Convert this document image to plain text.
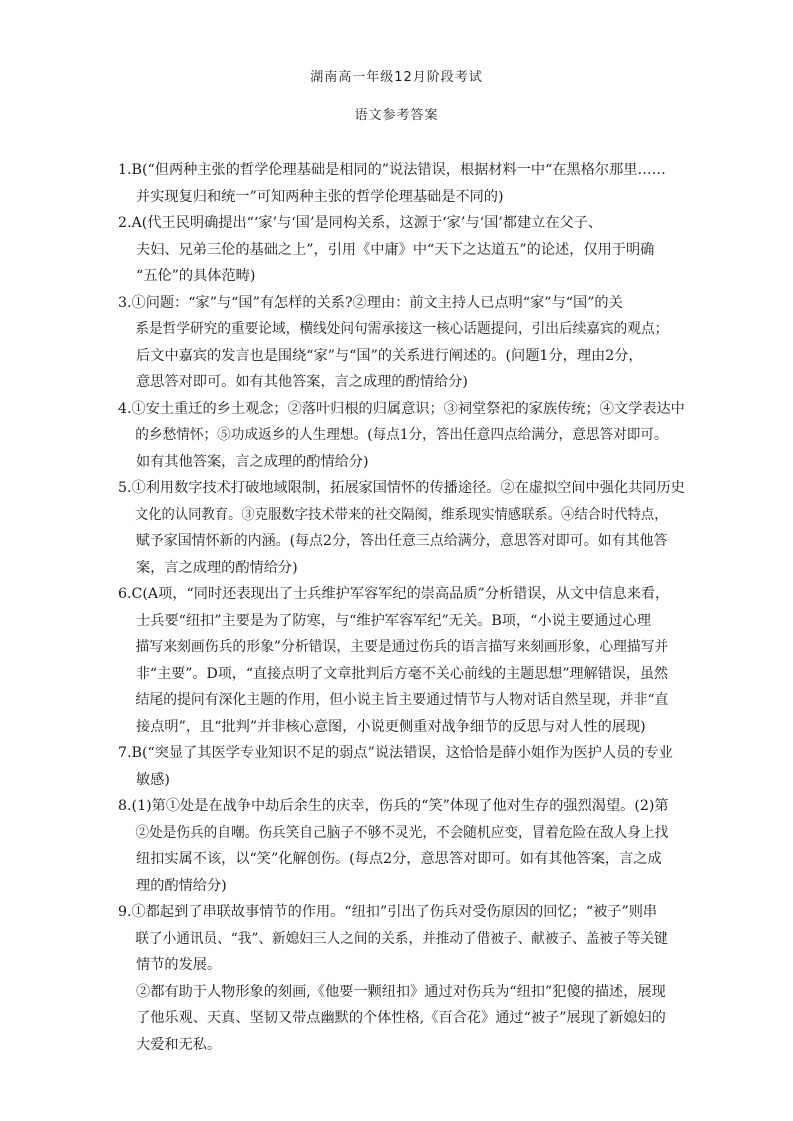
湖南高一年级12月阶段考试
语文参考答案
1.B(“但两种主张的哲学伦理基础是相同的”说法错误，根据材料一中“在黑格尔那里……
并实现复归和统一”可知两种主张的哲学伦理基础是不同的)
2.A(代王民明确提出“‘家’与‘国’是同构关系，这源于‘家’与‘国’都建立在父子、
夫妇、兄弟三伦的基础之上”，引用《中庸》中“天下之达道五”的论述，仅用于明确
“五伦”的具体范畴)
3.①问题：“家”与“国”有怎样的关系?②理由：前文主持人已点明“家”与“国”的关
系是哲学研究的重要论域，横线处问句需承接这一核心话题提问，引出后续嘉宾的观点；
后文中嘉宾的发言也是围绕“家”与“国”的关系进行阐述的。(问题1分，理由2分，
意思答对即可。如有其他答案，言之成理的酌情给分)
4.①安土重迁的乡土观念；②落叶归根的归属意识；③祠堂祭祀的家族传统；④文学表达中
的乡愁情怀；⑤功成返乡的人生理想。(每点1分，答出任意四点给满分，意思答对即可。
如有其他答案，言之成理的酌情给分)
5.①利用数字技术打破地域限制，拓展家国情怀的传播途径。②在虚拟空间中强化共同历史
文化的认同教育。③克服数字技术带来的社交隔阂，维系现实情感联系。④结合时代特点，
赋予家国情怀新的内涵。(每点2分，答出任意三点给满分，意思答对即可。如有其他答
案，言之成理的酌情给分)
6.C(A项，“同时还表现出了士兵维护军容军纪的崇高品质”分析错误，从文中信息来看，
士兵要“纽扣”主要是为了防寒，与“维护军容军纪”无关。B项，“小说主要通过心理
描写来刻画伤兵的形象”分析错误，主要是通过伤兵的语言描写来刻画形象，心理描写并
非“主要”。D项，“直接点明了文章批判后方毫不关心前线的主题思想”理解错误，虽然
结尾的提问有深化主题的作用，但小说主旨主要通过情节与人物对话自然呈现，并非“直
接点明”，且“批判”并非核心意图，小说更侧重对战争细节的反思与对人性的展现)
7.B(“突显了其医学专业知识不足的弱点”说法错误，这恰恰是薛小姐作为医护人员的专业
敏感)
8.(1)第①处是在战争中劫后余生的庆幸，伤兵的“笑”体现了他对生存的强烈渴望。(2)第
②处是伤兵的自嘲。伤兵笑自己脑子不够不灵光，不会随机应变，冒着危险在敌人身上找
纽扣实属不该，以“笑”化解创伤。(每点2分，意思答对即可。如有其他答案，言之成
理的酌情给分)
9.①都起到了串联故事情节的作用。“纽扣”引出了伤兵对受伤原因的回忆；“被子”则串
联了小通讯员、“我”、新媳妇三人之间的关系，并推动了借被子、献被子、盖被子等关键
情节的发展。
②都有助于人物形象的刻画,《他要一颗纽扣》通过对伤兵为“纽扣”犯傻的描述，展现
了他乐观、天真、坚韧又带点幽默的个体性格,《百合花》通过“被子”展现了新媳妇的
大爱和无私。
